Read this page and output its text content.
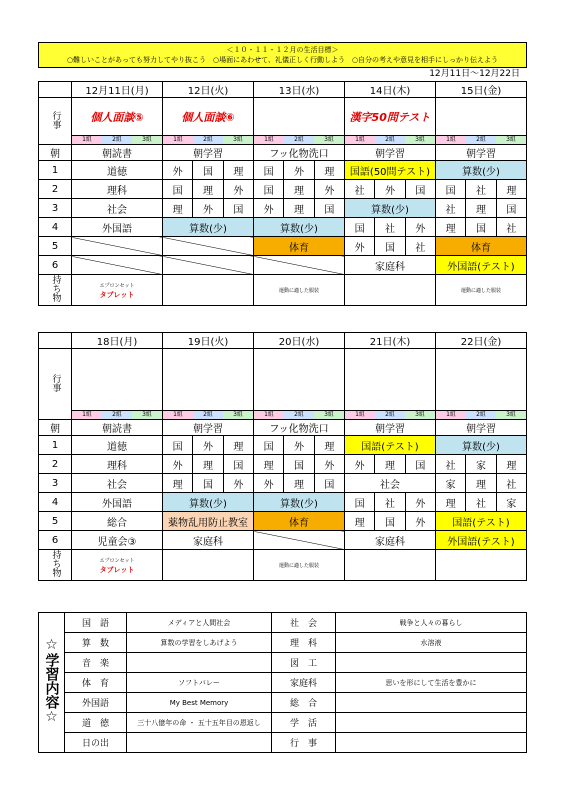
＜１０・１１・１２月の生活目標＞
○難しいことがあっても努力してやり抜こう　○場面にあわせて、礼儀正しく行動しよう　○自分の考えや意見を相手にしっかり伝えよう
12月11日〜12月22日
	12月11日(月)	12日(火)	13日(水)	14日(木)	15日(金)
行事	個人面談⑤	個人面談⑥		漢字50問テスト	

	1組 2組 3組	1組 2組 3組	1組 2組 3組	1組 2組 3組	1組 2組 3組

朝	朝読書	朝学習	フッ化物洗口	朝学習	朝学習
1	道徳	外 国 理	国 外 理	国語(50問テスト)	算数(少)
2	理科	国 理 外	国 理 外	社 外 国	国 社 理

3	社会	理 外 国	外 理 国	算数(少)	社 理 国

4	外国語	算数(少)	算数(少)	国 社 外	理 国 社

5			体育	外 国 社	体育
6				家庭科	外国語(テスト)
持ち物	エプロンセット
タブレット		運動に適した服装		運動に適した服装
	18日(月)	19日(火)	20日(水)	21日(木)	22日(金)
行事					

	1組 2組 3組	1組 2組 3組	1組 2組 3組	1組 2組 3組	1組 2組 3組

朝	朝読書	朝学習	フッ化物洗口	朝学習	朝学習
1	道徳	国 外 理	国 外 理	国語(テスト)	算数(少)
2	理科	外 理 国	理 国 外	外 理 国	社 家 理

3	社会	理 国 外	外 理 国	社会	家 理 社

4	外国語	算数(少)	算数(少)	国 社 外	理 社 家

5	総合	薬物乱用防止教室	体育	理 国 外	国語(テスト)
6	児童会③	家庭科		家庭科	外国語(テスト)
持ち物	エプロンセット
タブレット		運動に適した服装		

☆学習内容☆	国　語	メディアと人間社会	社　会	戦争と人々の暮らし
	算　数	算数の学習をしあげよう	理　科	水溶液
	音　楽		図　工	
	体　育	ソフトバレー	家庭科	思いを形にして生活を豊かに
	外国語	My Best Memory	総　合	
	道　徳	三十八億年の命 ・ 五十五年目の恩返し	学　活	
	日の出		行　事	
